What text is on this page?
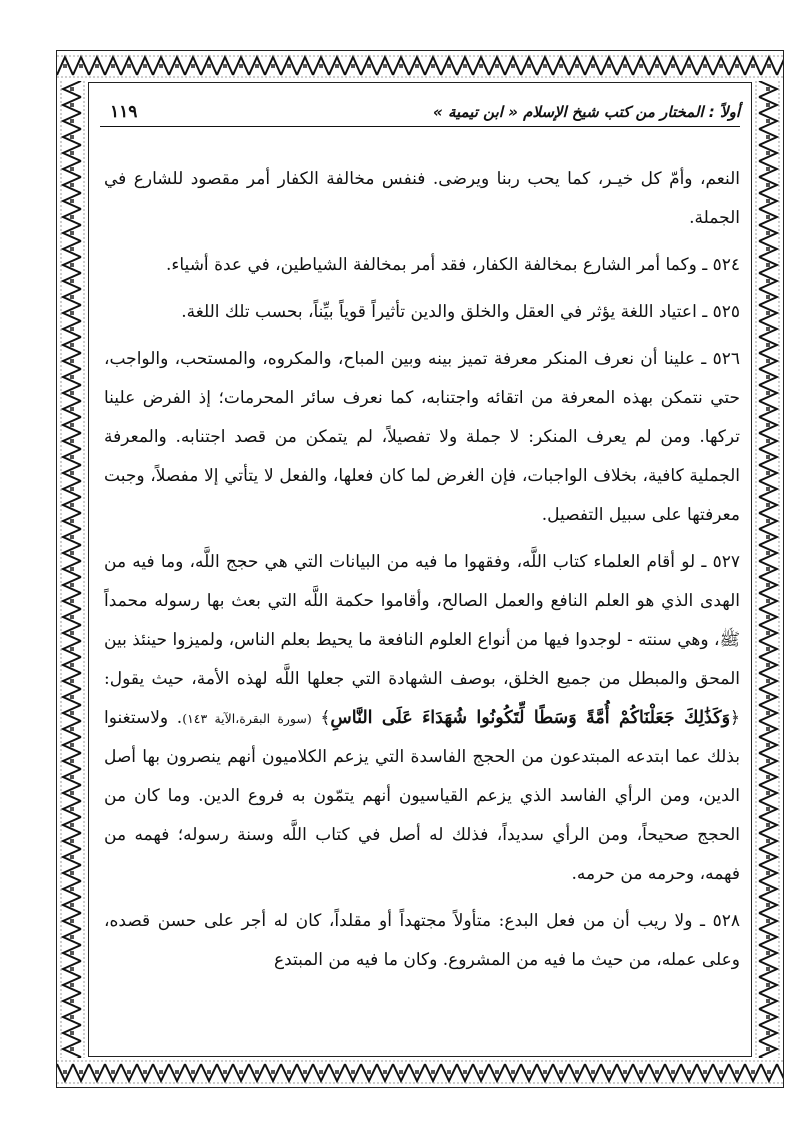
أولاً : المختار من كتب شيخ الإسلام « ابن تيمية »
١١٩

النعم، وأمّ كل خيـر، كما يحب ربنا ويرضى. فنفس مخالفة الكفار أمر مقصود للشارع في الجملة.

٥٢٤ ـ وكما أمر الشارع بمخالفة الكفار، فقد أمر بمخالفة الشياطين، في عدة أشياء.

٥٢٥ ـ اعتياد اللغة يؤثر في العقل والخلق والدين تأثيراً قوياً بيِّناً، بحسب تلك اللغة.

٥٢٦ ـ علينا أن نعرف المنكر معرفة تميز بينه وبين المباح، والمكروه، والمستحب، والواجب، حتي نتمكن بهذه المعرفة من اتقائه واجتنابه، كما نعرف سائر المحرمات؛ إذ الفرض علينا تركها. ومن لم يعرف المنكر: لا جملة ولا تفصيلاً، لم يتمكن من قصد اجتنابه. والمعرفة الجملية كافية، بخلاف الواجبات، فإن الغرض لما كان فعلها، والفعل لا يتأتي إلا مفصلاً، وجبت معرفتها على سبيل التفصيل.

٥٢٧ ـ لو أقام العلماء كتاب اللَّه، وفقهوا ما فيه من البيانات التي هي حجج اللَّه، وما فيه من الهدى الذي هو العلم النافع والعمل الصالح، وأقاموا حكمة اللَّه التي بعث بها رسوله محمداً ﷺ، وهي سنته - لوجدوا فيها من أنواع العلوم النافعة ما يحيط بعلم الناس، ولميزوا حينئذ بين المحق والمبطل من جميع الخلق، بوصف الشهادة التي جعلها اللَّه لهذه الأمة، حيث يقول: ﴿وَكَذَٰلِكَ جَعَلْنَاكُمْ أُمَّةً وَسَطًا لِّتَكُونُوا شُهَدَاءَ عَلَى النَّاسِ﴾ (سورة البقرة،الآية ١٤٣). ولاستغنوا بذلك عما ابتدعه المبتدعون من الحجج الفاسدة التي يزعم الكلاميون أنهم ينصرون بها أصل الدين، ومن الرأي الفاسد الذي يزعم القياسيون أنهم يتمّون به فروع الدين. وما كان من الحجج صحيحاً، ومن الرأي سديداً، فذلك له أصل في كتاب اللَّه وسنة رسوله؛ فهمه من فهمه، وحرمه من حرمه.

٥٢٨ ـ ولا ريب أن من فعل البدع: متأولاً مجتهداً أو مقلداً، كان له أجر على حسن قصده، وعلى عمله، من حيث ما فيه من المشروع. وكان ما فيه من المبتدع
